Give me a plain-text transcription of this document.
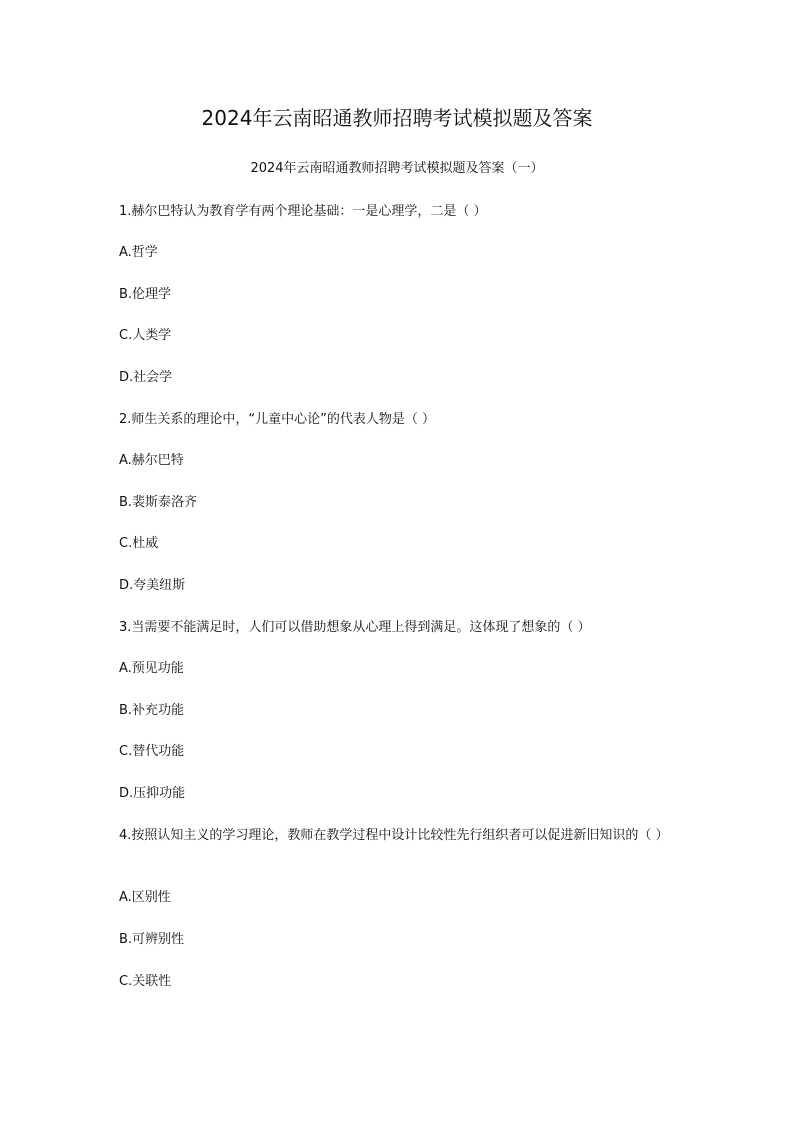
2024年云南昭通教师招聘考试模拟题及答案
2024年云南昭通教师招聘考试模拟题及答案（一）
1.赫尔巴特认为教育学有两个理论基础：一是心理学，二是（ ）
A.哲学
B.伦理学
C.人类学
D.社会学
2.师生关系的理论中，“儿童中心论”的代表人物是（ ）
A.赫尔巴特
B.裴斯泰洛齐
C.杜威
D.夸美纽斯
3.当需要不能满足时，人们可以借助想象从心理上得到满足。这体现了想象的（ ）
A.预见功能
B.补充功能
C.替代功能
D.压抑功能
4.按照认知主义的学习理论，教师在教学过程中设计比较性先行组织者可以促进新旧知识的（ ）
A.区别性
B.可辨别性
C.关联性
